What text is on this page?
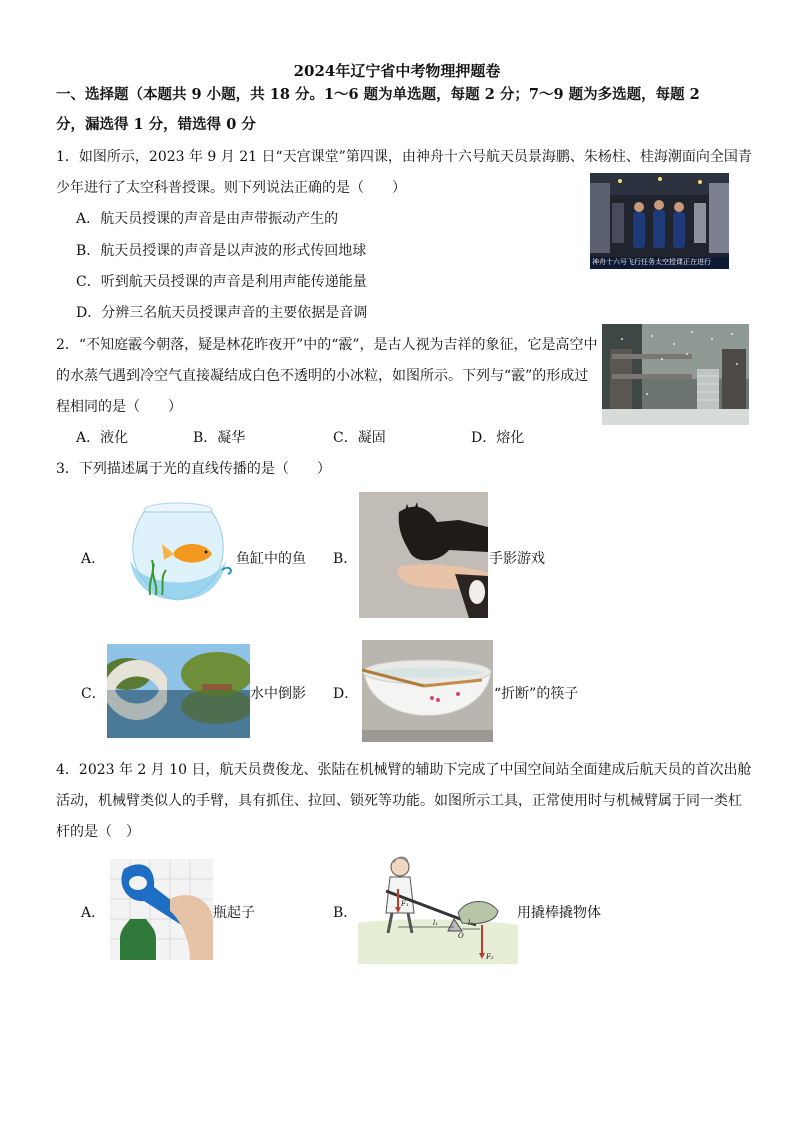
2024年辽宁省中考物理押题卷
一、选择题（本题共 9 小题，共 18 分。1～6 题为单选题，每题 2 分；7～9 题为多选题，每题 2
分，漏选得 1 分，错选得 0 分
1．如图所示，2023 年 9 月 21 日“天宫课堂”第四课，由神舟十六号航天员景海鹏、朱杨柱、桂海潮面向全国青
少年进行了太空科普授课。则下列说法正确的是（　　）
A．航天员授课的声音是由声带振动产生的
B．航天员授课的声音是以声波的形式传回地球
C．听到航天员授课的声音是利用声能传递能量
D．分辨三名航天员授课声音的主要依据是音调
神舟十六号飞行任务太空授课正在进行
2．“不知庭霰今朝落，疑是林花昨夜开”中的“霰”，是古人视为吉祥的象征，它是高空中
的水蒸气遇到冷空气直接凝结成白色不透明的小冰粒，如图所示。下列与“霰”的形成过
程相同的是（　　）
A．液化	B．凝华	C．凝固	D．熔化
3．下列描述属于光的直线传播的是（　　）
A．	鱼缸中的鱼 B．	手影游戏
C．	水中倒影 D．	“折断”的筷子
4．2023 年 2 月 10 日，航天员费俊龙、张陆在机械臂的辅助下完成了中国空间站全面建成后航天员的首次出舱
活动，机械臂类似人的手臂，具有抓住、拉回、锁死等功能。如图所示工具，正常使用时与机械臂属于同一类杠
杆的是（　）
A．	瓶起子	B．
F₁
F₂
l₁	l₂
O
用撬棒撬物体
